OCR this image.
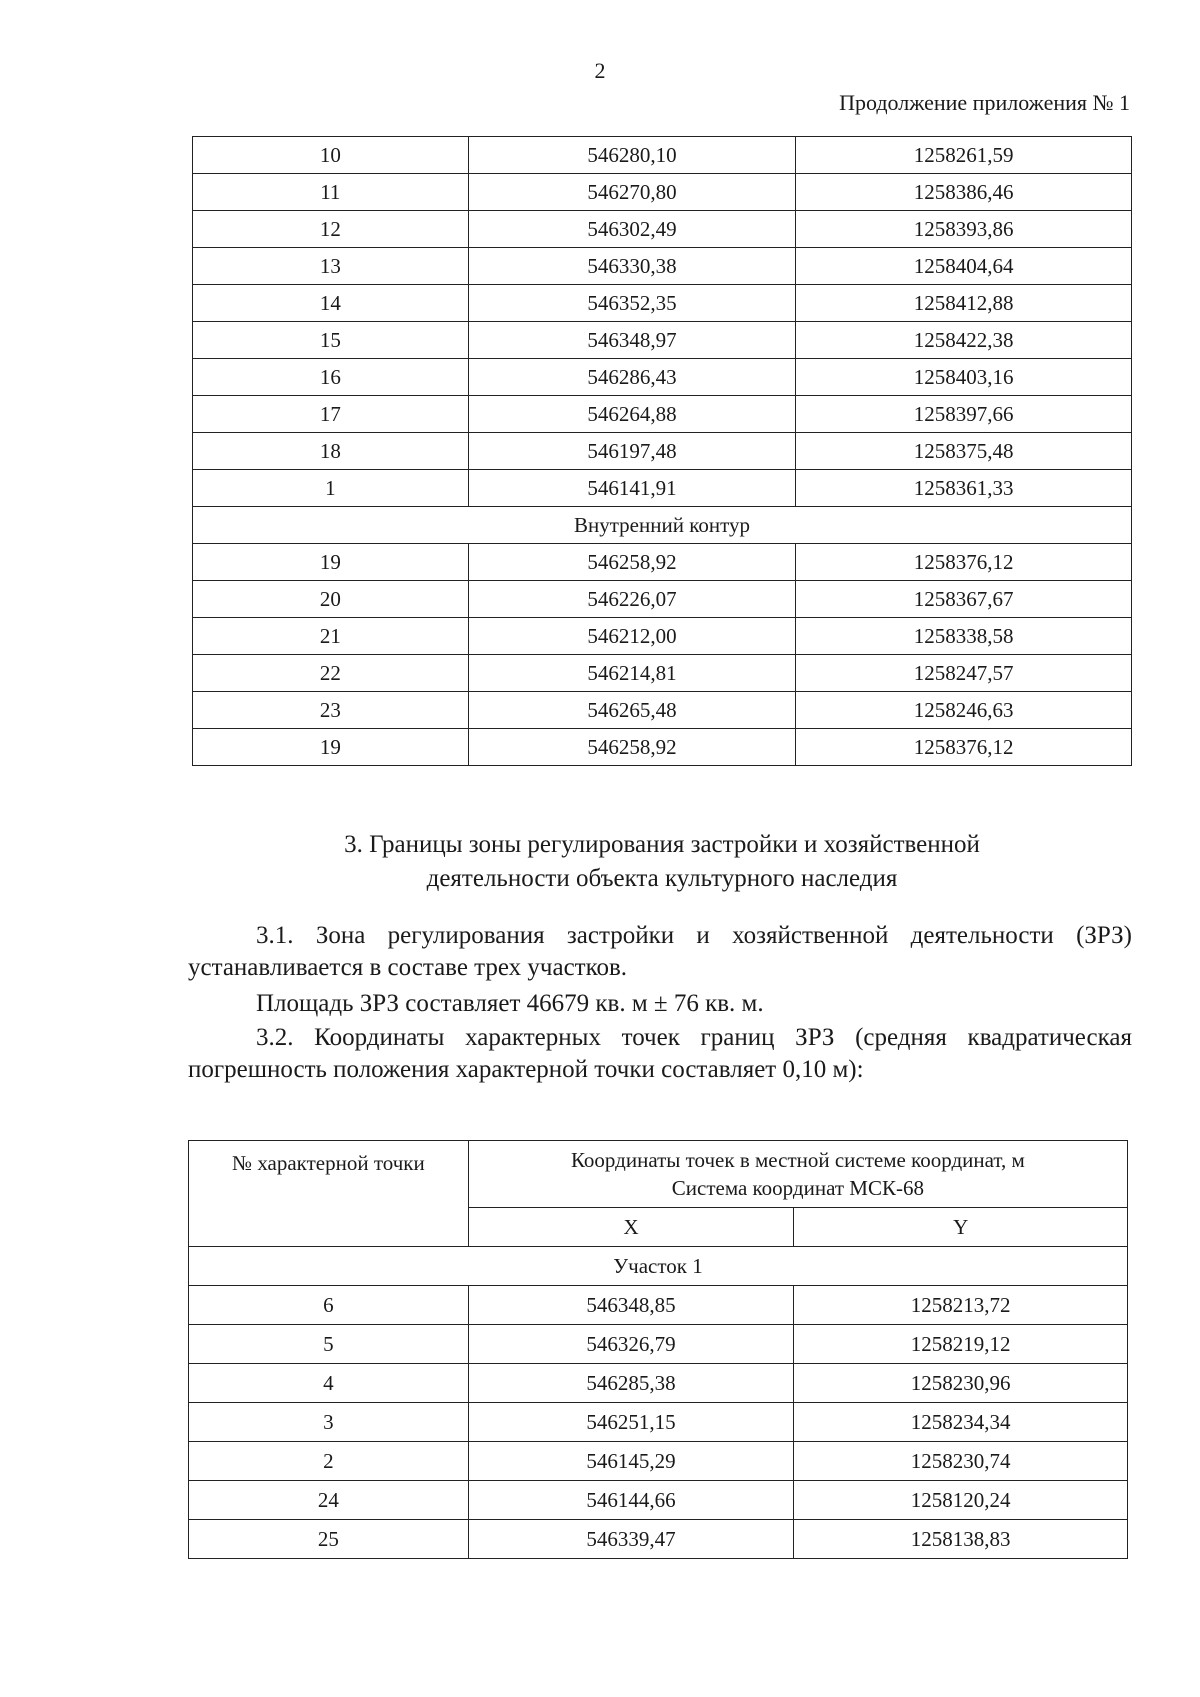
2
Продолжение приложения № 1
10	546280,10	1258261,59
11	546270,80	1258386,46
12	546302,49	1258393,86
13	546330,38	1258404,64
14	546352,35	1258412,88
15	546348,97	1258422,38
16	546286,43	1258403,16
17	546264,88	1258397,66
18	546197,48	1258375,48
1	546141,91	1258361,33
Внутренний контур		
19	546258,92	1258376,12
20	546226,07	1258367,67
21	546212,00	1258338,58
22	546214,81	1258247,57
23	546265,48	1258246,63
19	546258,92	1258376,12
3. Границы зоны регулирования застройки и хозяйственной
деятельности объекта культурного наследия
3.1. Зона регулирования застройки и хозяйственной деятельности (ЗРЗ) устанавливается в составе трех участков.
Площадь ЗРЗ составляет 46679 кв. м ± 76 кв. м.
3.2. Координаты характерных точек границ ЗРЗ (средняя квадратическая погрешность положения характерной точки составляет 0,10 м):
№ характерной точки	Координаты точек в местной системе координат, м
Система координат МСК-68	

	X	Y
Участок 1		
6	546348,85	1258213,72
5	546326,79	1258219,12
4	546285,38	1258230,96
3	546251,15	1258234,34
2	546145,29	1258230,74
24	546144,66	1258120,24
25	546339,47	1258138,83
